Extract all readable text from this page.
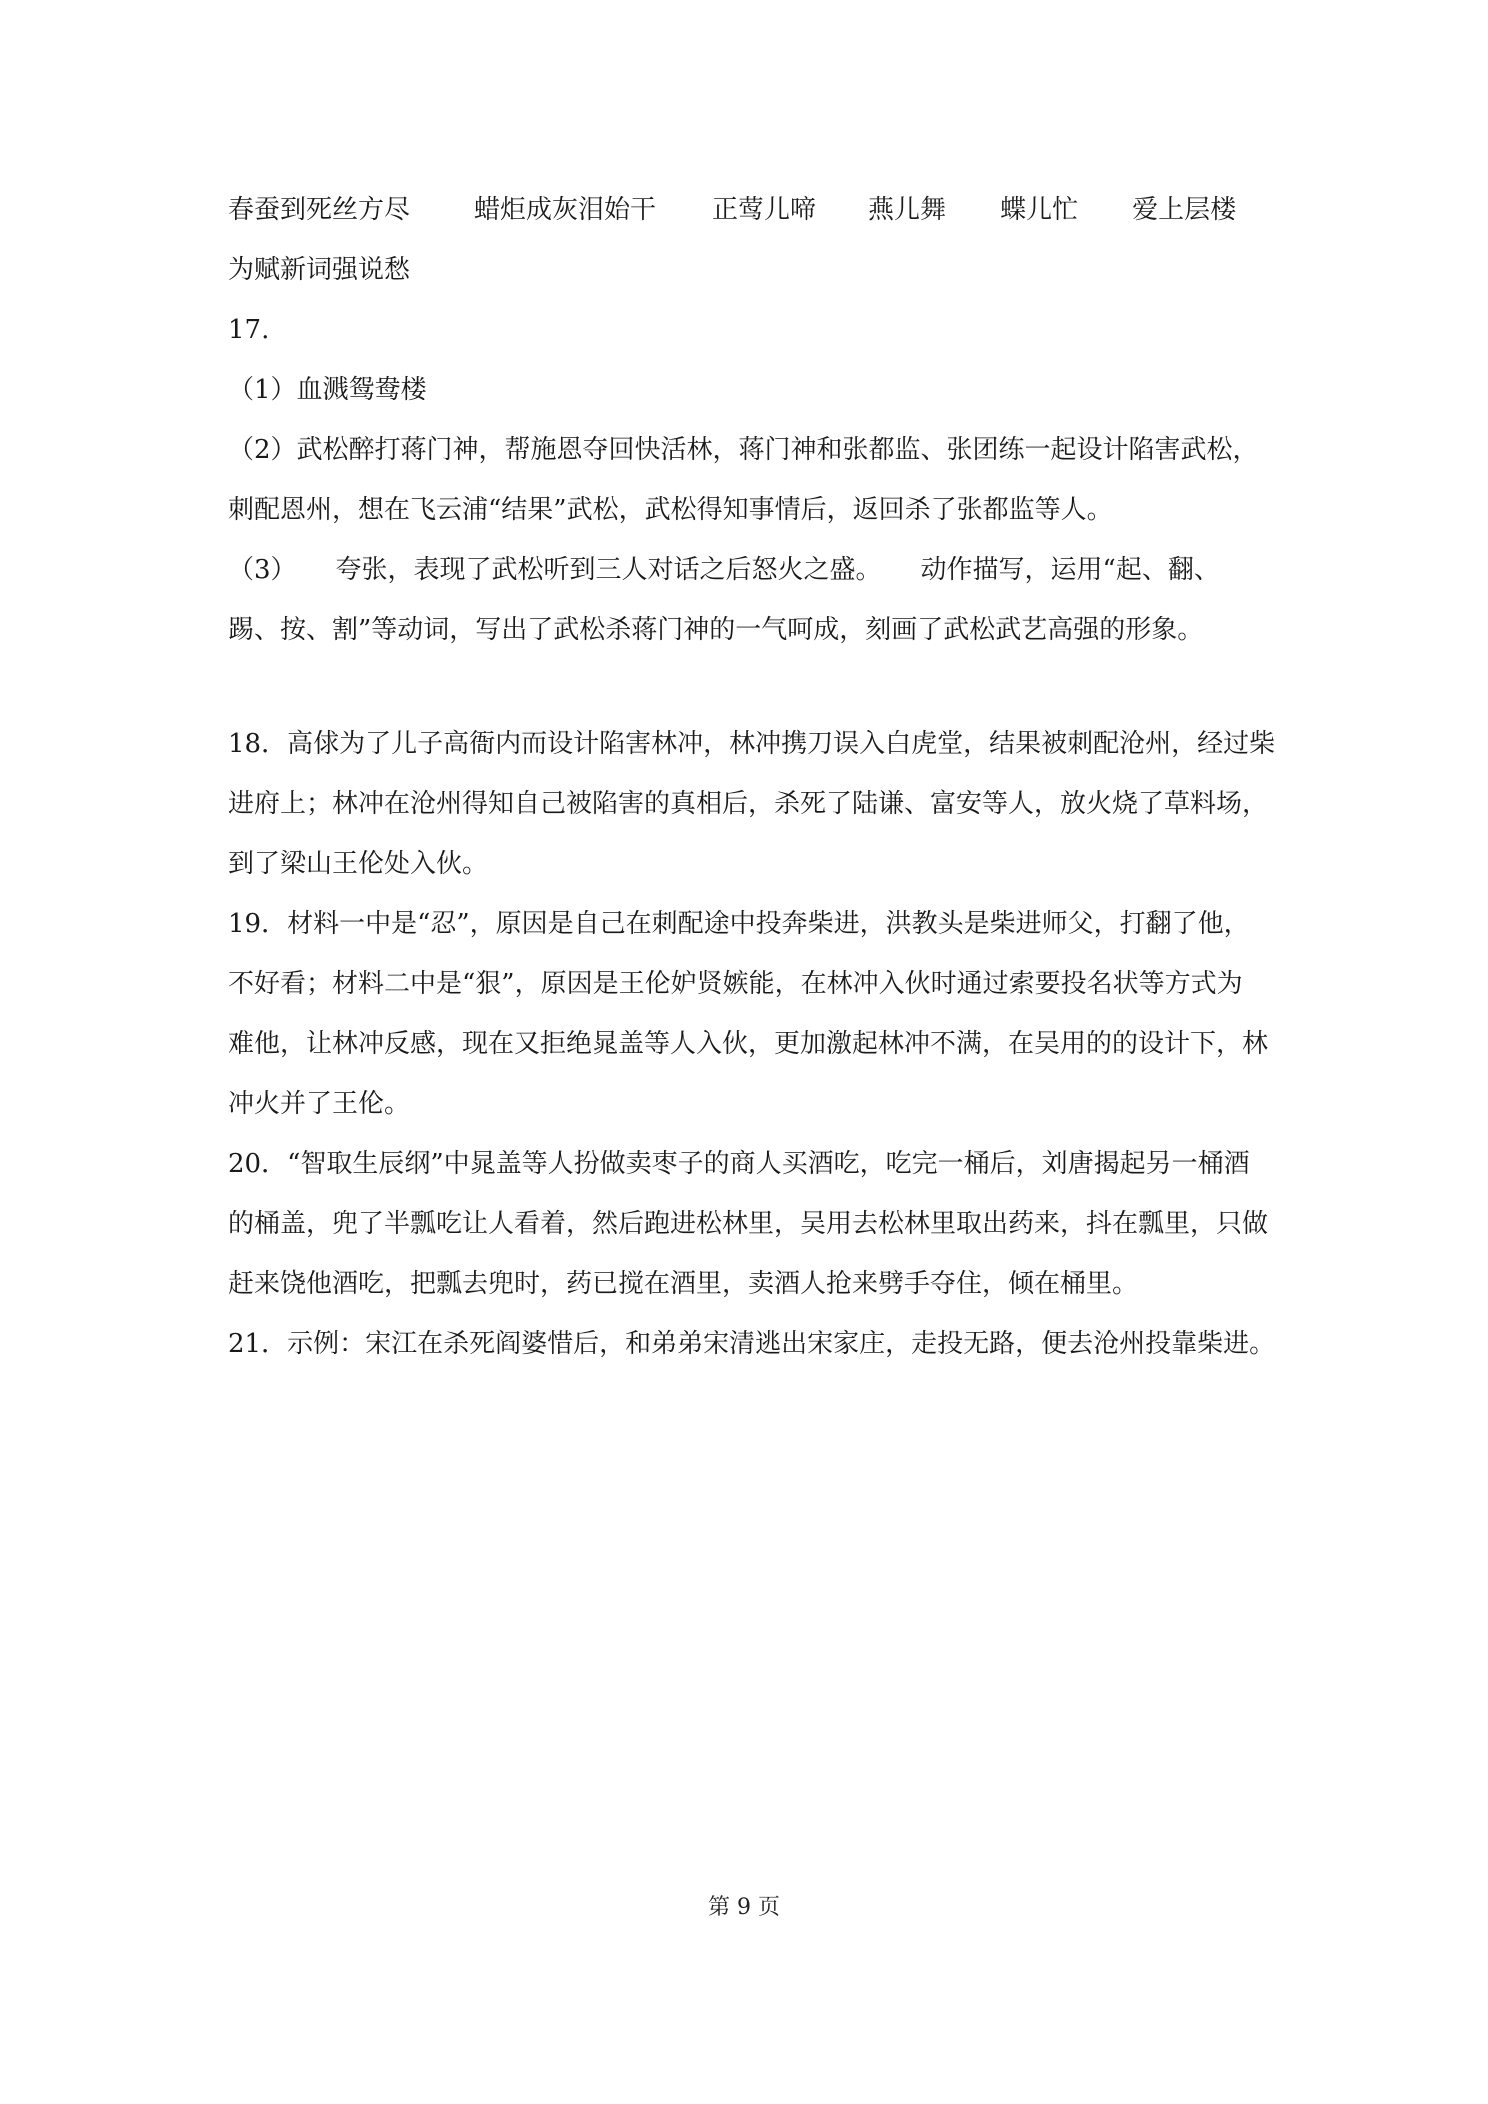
春蚕到死丝方尽 蜡炬成灰泪始干 正莺儿啼 燕儿舞 蝶儿忙 爱上层楼
为赋新词强说愁
17.
（1）血溅鸳鸯楼
（2）武松醉打蒋门神，帮施恩夺回快活林，蒋门神和张都监、张团练一起设计陷害武松，
刺配恩州，想在飞云浦“结果”武松，武松得知事情后，返回杀了张都监等人。
（3）　　夸张，表现了武松听到三人对话之后怒火之盛。　　动作描写，运用“起、翻、
踢、按、割”等动词，写出了武松杀蒋门神的一气呵成，刻画了武松武艺高强的形象。
18．高俅为了儿子高衙内而设计陷害林冲，林冲携刀误入白虎堂，结果被刺配沧州，经过柴
进府上；林冲在沧州得知自己被陷害的真相后，杀死了陆谦、富安等人，放火烧了草料场，
到了梁山王伦处入伙。
19．材料一中是“忍”，原因是自己在刺配途中投奔柴进，洪教头是柴进师父，打翻了他，
不好看；材料二中是“狠”，原因是王伦妒贤嫉能，在林冲入伙时通过索要投名状等方式为
难他，让林冲反感，现在又拒绝晁盖等人入伙，更加激起林冲不满，在吴用的的设计下，林
冲火并了王伦。
20．“智取生辰纲”中晁盖等人扮做卖枣子的商人买酒吃，吃完一桶后，刘唐揭起另一桶酒
的桶盖，兜了半瓢吃让人看着，然后跑进松林里，吴用去松林里取出药来，抖在瓢里，只做
赶来饶他酒吃，把瓢去兜时，药已搅在酒里，卖酒人抢来劈手夺住，倾在桶里。
21．示例：宋江在杀死阎婆惜后，和弟弟宋清逃出宋家庄，走投无路，便去沧州投靠柴进。
第 9 页
